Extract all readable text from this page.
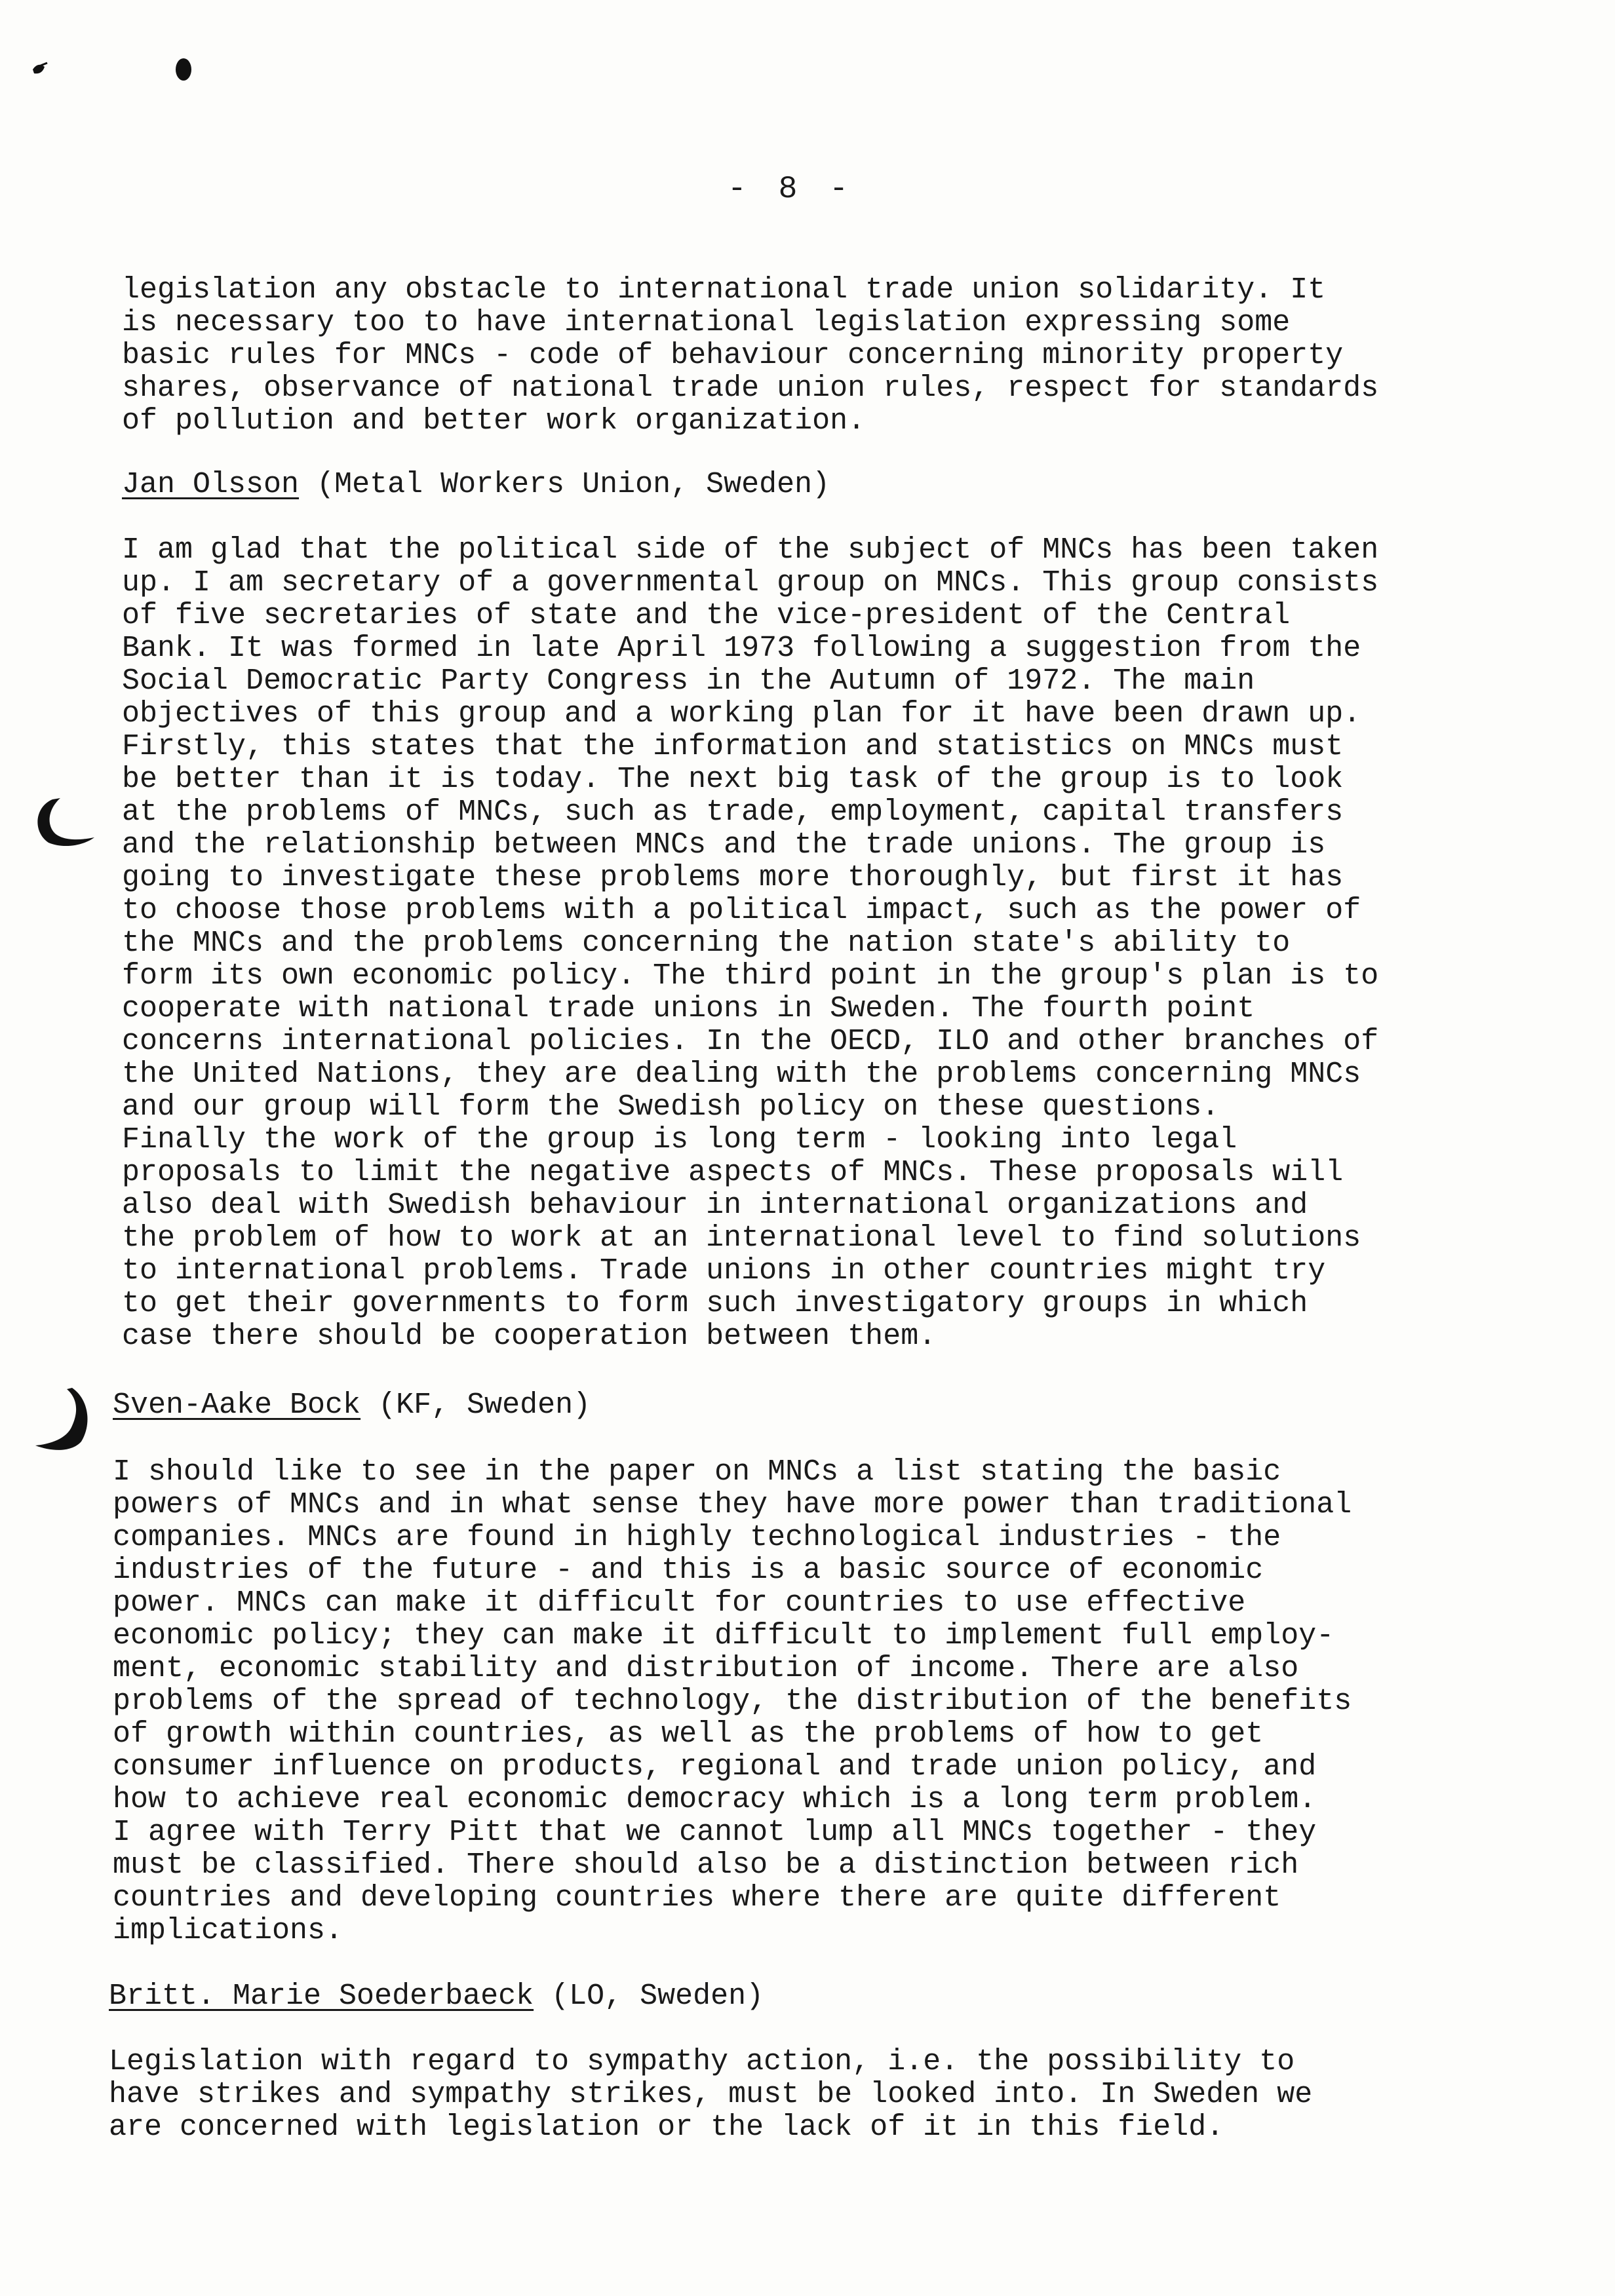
- 8 -
legislation any obstacle to international trade union solidarity. It
is necessary too to have international legislation expressing some
basic rules for MNCs - code of behaviour concerning minority property
shares, observance of national trade union rules, respect for standards
of pollution and better work organization.
Jan Olsson (Metal Workers Union, Sweden)
I am glad that the political side of the subject of MNCs has been taken
up. I am secretary of a governmental group on MNCs. This group consists
of five secretaries of state and the vice-president of the Central
Bank. It was formed in late April 1973 following a suggestion from the
Social Democratic Party Congress in the Autumn of 1972. The main
objectives of this group and a working plan for it have been drawn up.
Firstly, this states that the information and statistics on MNCs must
be better than it is today. The next big task of the group is to look
at the problems of MNCs, such as trade, employment, capital transfers
and the relationship between MNCs and the trade unions. The group is
going to investigate these problems more thoroughly, but first it has
to choose those problems with a political impact, such as the power of
the MNCs and the problems concerning the nation state's ability to
form its own economic policy. The third point in the group's plan is to
cooperate with national trade unions in Sweden. The fourth point
concerns international policies. In the OECD, ILO and other branches of
the United Nations, they are dealing with the problems concerning MNCs
and our group will form the Swedish policy on these questions.
Finally the work of the group is long term - looking into legal
proposals to limit the negative aspects of MNCs. These proposals will
also deal with Swedish behaviour in international organizations and
the problem of how to work at an international level to find solutions
to international problems. Trade unions in other countries might try
to get their governments to form such investigatory groups in which
case there should be cooperation between them.
Sven-Aake Bock (KF, Sweden)
I should like to see in the paper on MNCs a list stating the basic
powers of MNCs and in what sense they have more power than traditional
companies. MNCs are found in highly technological industries - the
industries of the future - and this is a basic source of economic
power. MNCs can make it difficult for countries to use effective
economic policy; they can make it difficult to implement full employ-
ment, economic stability and distribution of income. There are also
problems of the spread of technology, the distribution of the benefits
of growth within countries, as well as the problems of how to get
consumer influence on products, regional and trade union policy, and
how to achieve real economic democracy which is a long term problem.
I agree with Terry Pitt that we cannot lump all MNCs together - they
must be classified. There should also be a distinction between rich
countries and developing countries where there are quite different
implications.
Britt. Marie Soederbaeck (LO, Sweden)
Legislation with regard to sympathy action, i.e. the possibility to
have strikes and sympathy strikes, must be looked into. In Sweden we
are concerned with legislation or the lack of it in this field.
